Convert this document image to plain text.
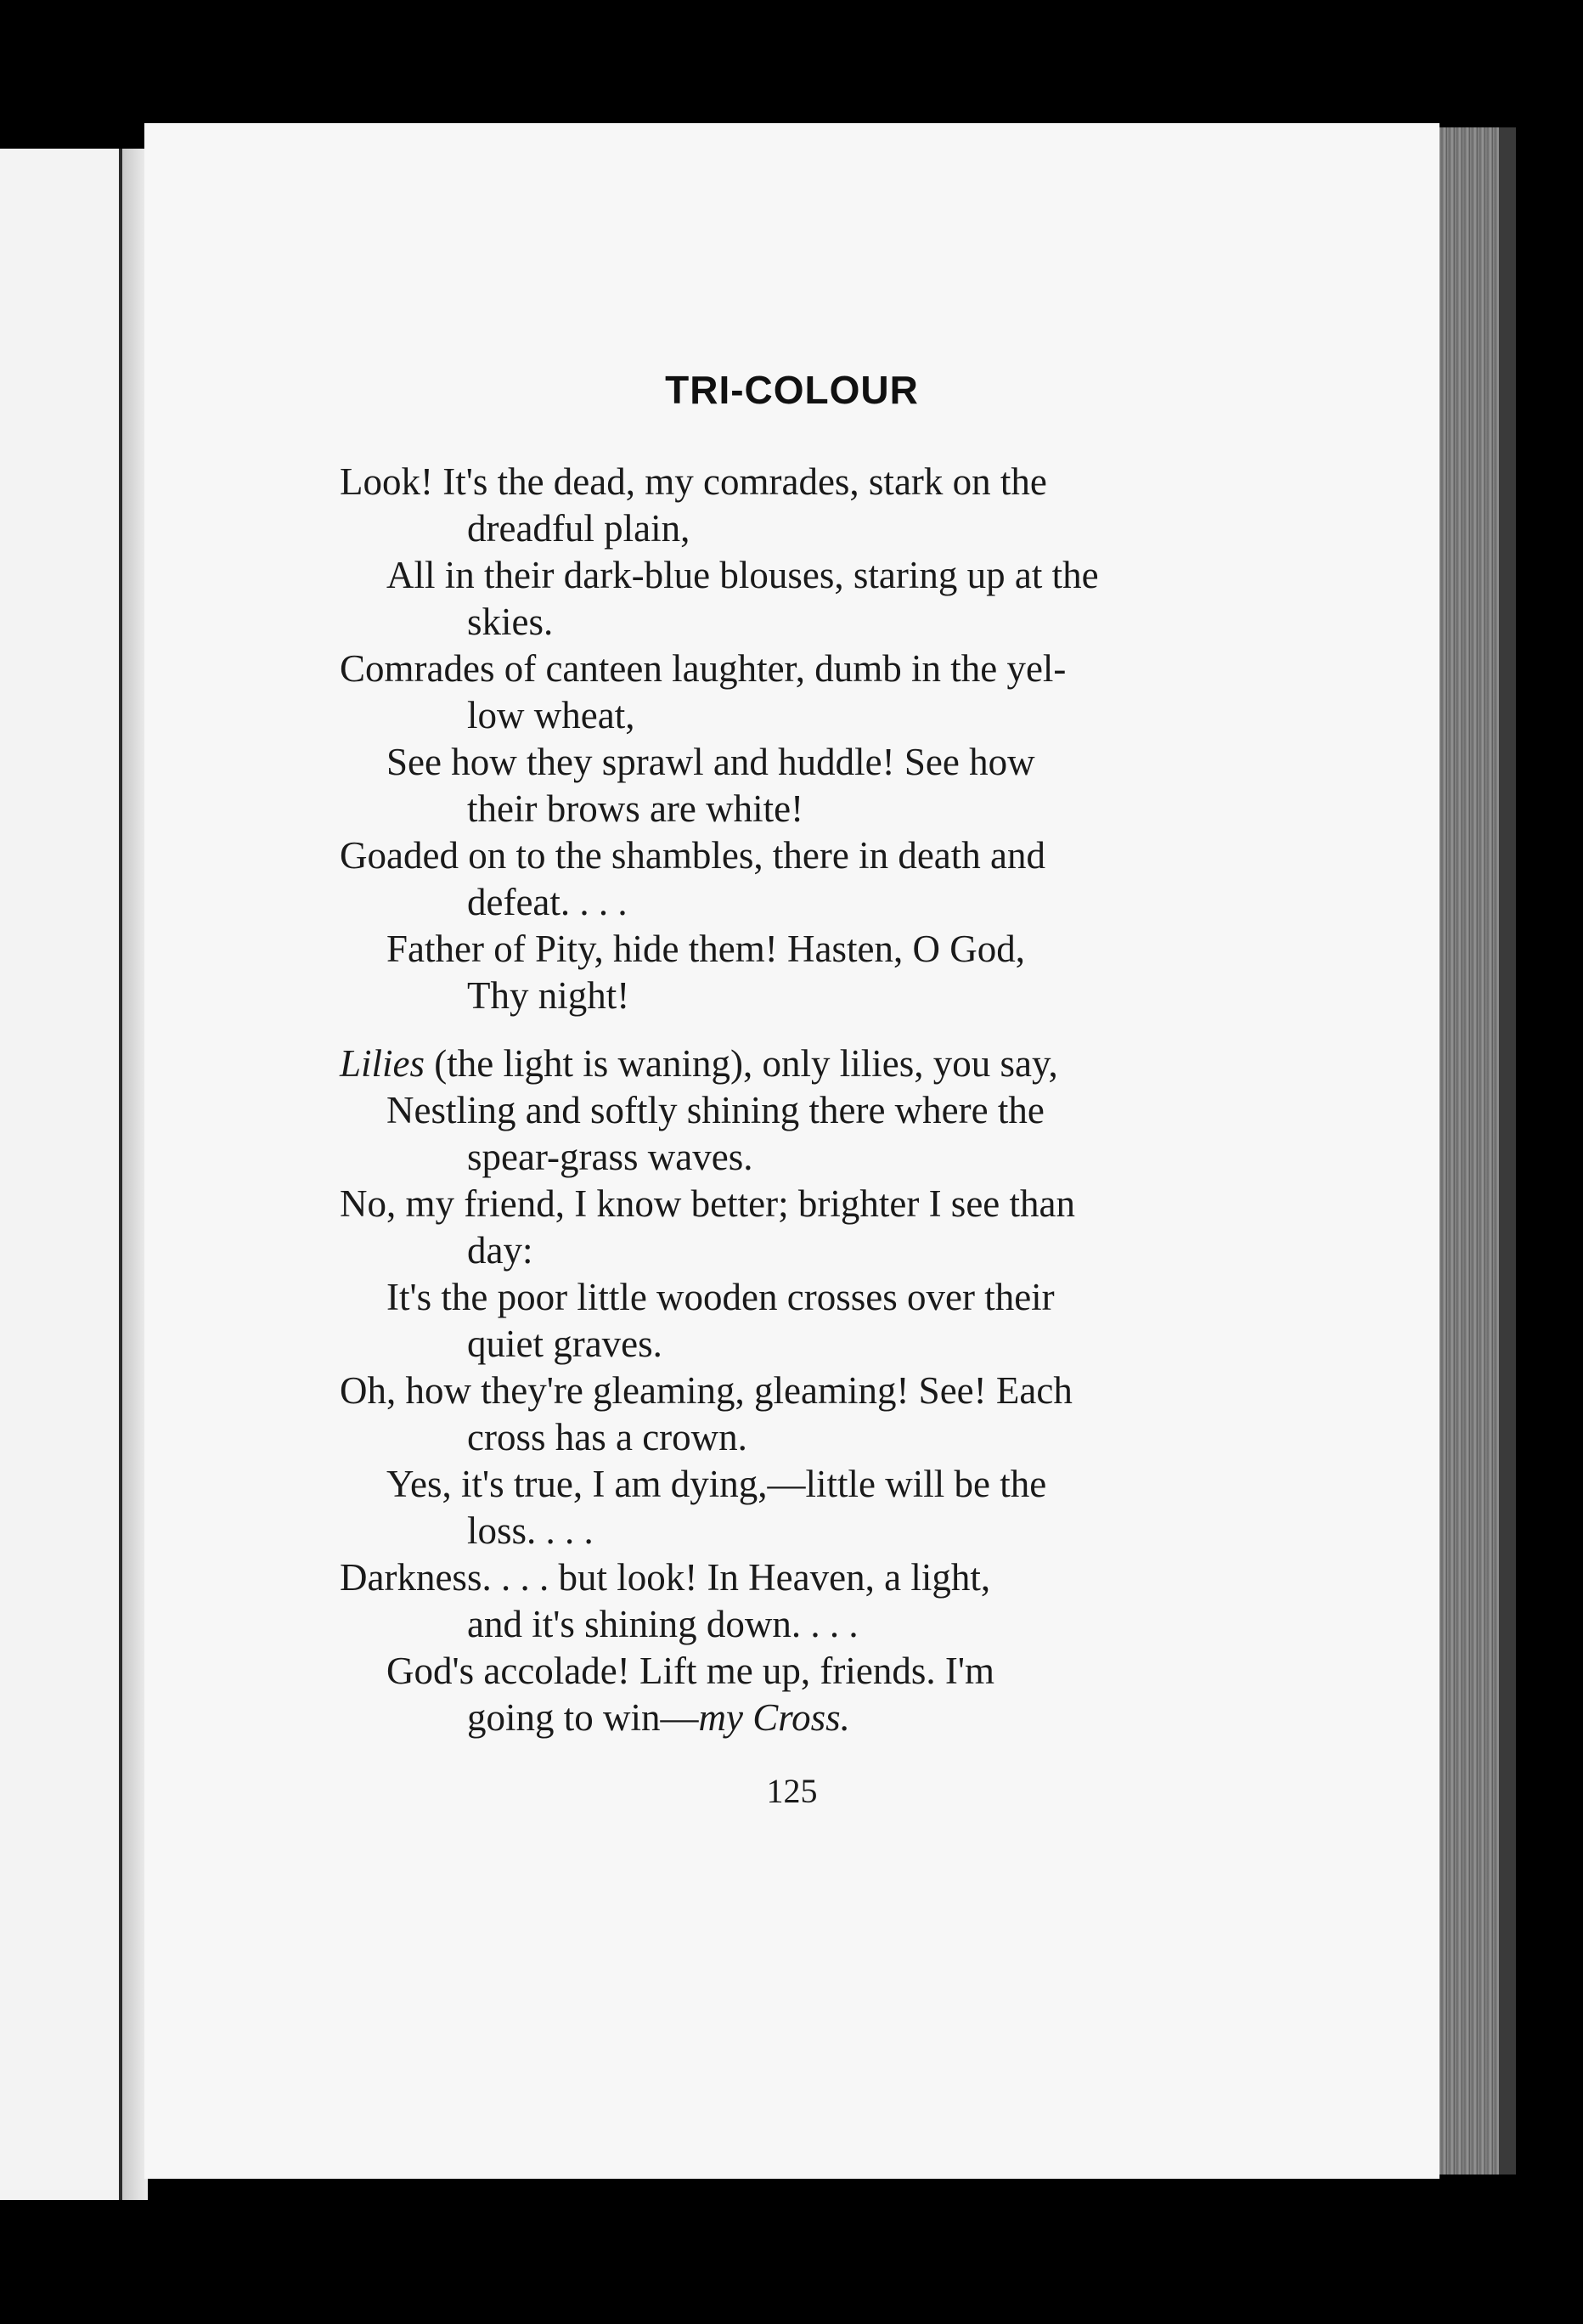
TRI-COLOUR
Look! It's the dead, my comrades, stark on the
dreadful plain,
All in their dark-blue blouses, staring up at the
skies.
Comrades of canteen laughter, dumb in the yel-
low wheat,
See how they sprawl and huddle! See how
their brows are white!
Goaded on to the shambles, there in death and
defeat. . . .
Father of Pity, hide them! Hasten, O God,
Thy night!
Lilies (the light is waning), only lilies, you say,
Nestling and softly shining there where the
spear-grass waves.
No, my friend, I know better; brighter I see than
day:
It's the poor little wooden crosses over their
quiet graves.
Oh, how they're gleaming, gleaming! See! Each
cross has a crown.
Yes, it's true, I am dying,—little will be the
loss. . . .
Darkness. . . . but look! In Heaven, a light,
and it's shining down. . . .
God's accolade! Lift me up, friends. I'm
going to win—my Cross.
125
